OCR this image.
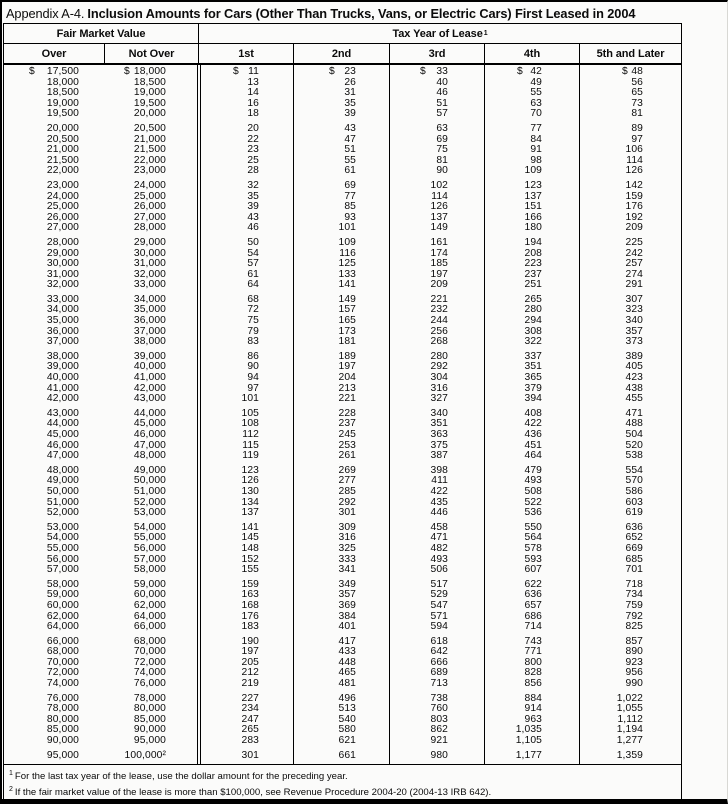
Appendix A-4. Inclusion Amounts for Cars (Other Than Trucks, Vans, or Electric Cars) First Leased in 2004
Fair Market Value	Tax Year of Lease 1
Over	Not Over	1st	2nd	3rd	4th	5th and Later
$ 17,500	$ 18,000	$ 11	$ 23	$ 33	$ 42	$ 48
18,000	18,500	13	26	40	49	56
18,500	19,000	14	31	46	55	65
19,000	19,500	16	35	51	63	73
19,500	20,000	18	39	57	70	81
20,000	20,500	20	43	63	77	89
20,500	21,000	22	47	69	84	97
21,000	21,500	23	51	75	91	106
21,500	22,000	25	55	81	98	114
22,000	23,000	28	61	90	109	126
23,000	24,000	32	69	102	123	142
24,000	25,000	35	77	114	137	159
25,000	26,000	39	85	126	151	176
26,000	27,000	43	93	137	166	192
27,000	28,000	46	101	149	180	209
28,000	29,000	50	109	161	194	225
29,000	30,000	54	116	174	208	242
30,000	31,000	57	125	185	223	257
31,000	32,000	61	133	197	237	274
32,000	33,000	64	141	209	251	291
33,000	34,000	68	149	221	265	307
34,000	35,000	72	157	232	280	323
35,000	36,000	75	165	244	294	340
36,000	37,000	79	173	256	308	357
37,000	38,000	83	181	268	322	373
38,000	39,000	86	189	280	337	389
39,000	40,000	90	197	292	351	405
40,000	41,000	94	204	304	365	423
41,000	42,000	97	213	316	379	438
42,000	43,000	101	221	327	394	455
43,000	44,000	105	228	340	408	471
44,000	45,000	108	237	351	422	488
45,000	46,000	112	245	363	436	504
46,000	47,000	115	253	375	451	520
47,000	48,000	119	261	387	464	538
48,000	49,000	123	269	398	479	554
49,000	50,000	126	277	411	493	570
50,000	51,000	130	285	422	508	586
51,000	52,000	134	292	435	522	603
52,000	53,000	137	301	446	536	619
53,000	54,000	141	309	458	550	636
54,000	55,000	145	316	471	564	652
55,000	56,000	148	325	482	578	669
56,000	57,000	152	333	493	593	685
57,000	58,000	155	341	506	607	701
58,000	59,000	159	349	517	622	718
59,000	60,000	163	357	529	636	734
60,000	62,000	168	369	547	657	759
62,000	64,000	176	384	571	686	792
64,000	66,000	183	401	594	714	825
66,000	68,000	190	417	618	743	857
68,000	70,000	197	433	642	771	890
70,000	72,000	205	448	666	800	923
72,000	74,000	212	465	689	828	956
74,000	76,000	219	481	713	856	990
76,000	78,000	227	496	738	884	1,022
78,000	80,000	234	513	760	914	1,055
80,000	85,000	247	540	803	963	1,112
85,000	90,000	265	580	862	1,035	1,194
90,000	95,000	283	621	921	1,105	1,277
95,000	100,000²	301	661	980	1,177	1,359
$^1$ For the last tax year of the lease, use the dollar amount for the preceding year.
$^2$ If the fair market value of the lease is more than $100,000, see Revenue Procedure 2004-20 (2004-13 IRB 642).
